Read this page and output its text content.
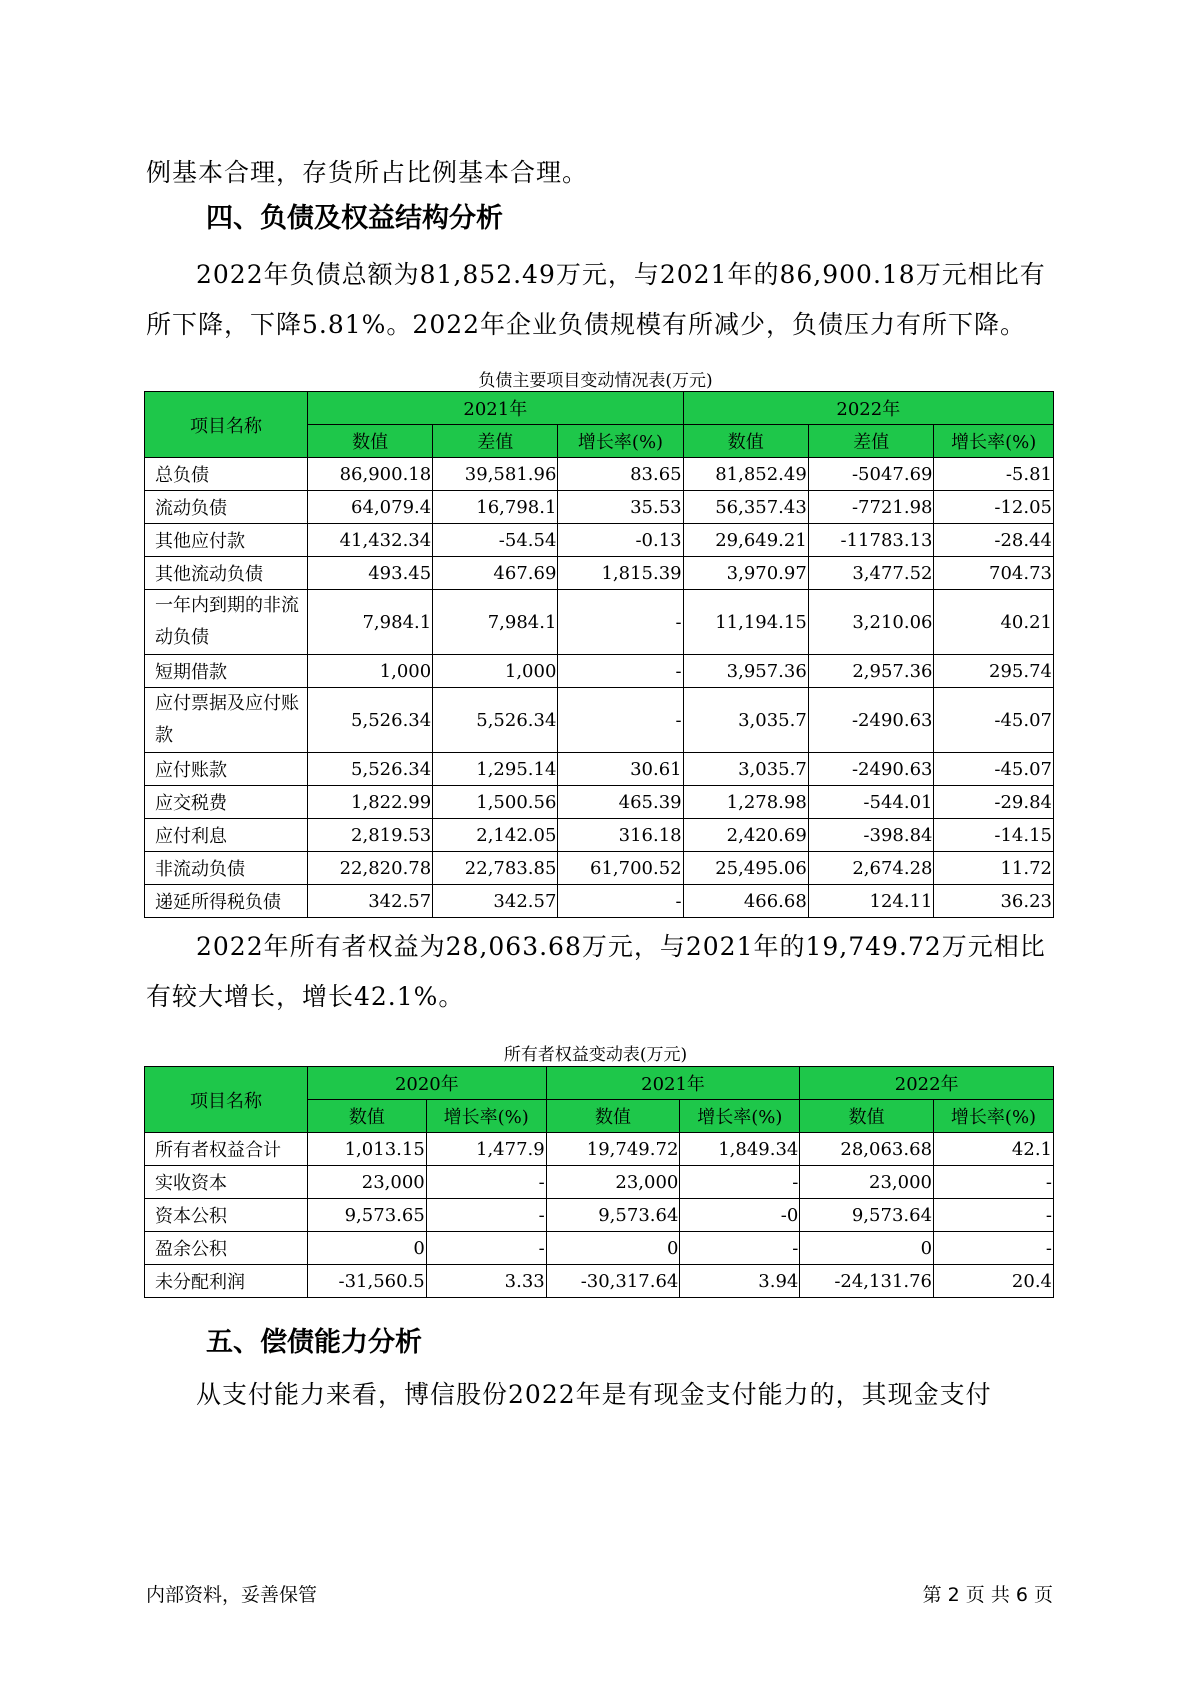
例基本合理，存货所占比例基本合理。

四、负债及权益结构分析

2022年负债总额为81,852.49万元，与2021年的86,900.18万元相比有所下降，下降5.81%。2022年企业负债规模有所减少，负债压力有所下降。

负债主要项目变动情况表(万元)
项目名称	2021年			2022年		
	数值	差值	增长率(%)	数值	差值	增长率(%)
总负债	86,900.18	39,581.96	83.65	81,852.49	-5047.69	-5.81
流动负债	64,079.4	16,798.1	35.53	56,357.43	-7721.98	-12.05
其他应付款	41,432.34	-54.54	-0.13	29,649.21	-11783.13	-28.44
其他流动负债	493.45	467.69	1,815.39	3,970.97	3,477.52	704.73
一年内到期的非流动负债	7,984.1	7,984.1	-	11,194.15	3,210.06	40.21
短期借款	1,000	1,000	-	3,957.36	2,957.36	295.74
应付票据及应付账款	5,526.34	5,526.34	-	3,035.7	-2490.63	-45.07
应付账款	5,526.34	1,295.14	30.61	3,035.7	-2490.63	-45.07
应交税费	1,822.99	1,500.56	465.39	1,278.98	-544.01	-29.84
应付利息	2,819.53	2,142.05	316.18	2,420.69	-398.84	-14.15
非流动负债	22,820.78	22,783.85	61,700.52	25,495.06	2,674.28	11.72
递延所得税负债	342.57	342.57	-	466.68	124.11	36.23

2022年所有者权益为28,063.68万元，与2021年的19,749.72万元相比有较大增长，增长42.1%。

所有者权益变动表(万元)
项目名称	2020年		2021年		2022年	
	数值	增长率(%)	数值	增长率(%)	数值	增长率(%)
所有者权益合计	1,013.15	1,477.9	19,749.72	1,849.34	28,063.68	42.1
实收资本	23,000	-	23,000	-	23,000	-
资本公积	9,573.65	-	9,573.64	-0	9,573.64	-
盈余公积	0	-	0	-	0	-
未分配利润	-31,560.5	3.33	-30,317.64	3.94	-24,131.76	20.4
五、偿债能力分析

从支付能力来看，博信股份2022年是有现金支付能力的，其现金支付

内部资料，妥善保管	第 2 页 共 6 页
